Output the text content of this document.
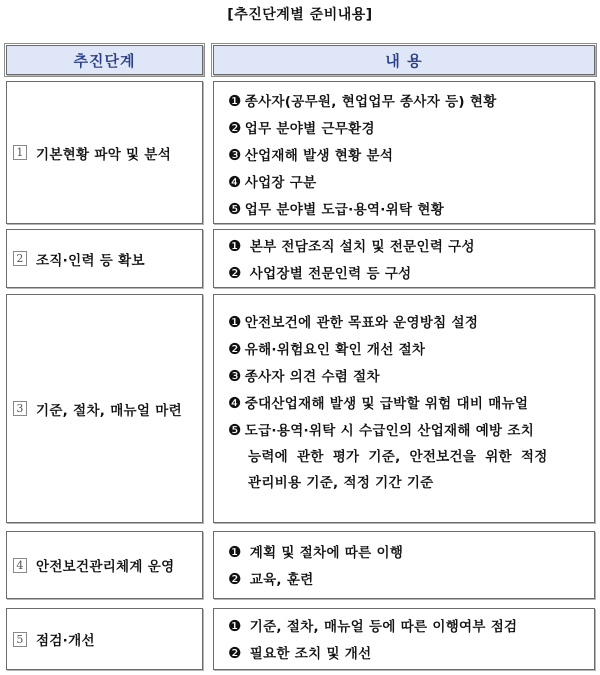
[추진단계별 준비내용]
추진단계	내 용
1 기본현황 파악 및 분석
❶ 종사자(공무원, 현업업무 종사자 등) 현황
❷ 업무 분야별 근무환경
❸ 산업재해 발생 현황 분석
❹ 사업장 구분
❺ 업무 분야별 도급·용역·위탁 현황
2 조직·인력 등 확보
❶ 본부 전담조직 설치 및 전문인력 구성
❷ 사업장별 전문인력 등 구성
3 기준, 절차, 매뉴얼 마련
❶ 안전보건에 관한 목표와 운영방침 설정
❷ 유해·위험요인 확인 개선 절차
❸ 종사자 의견 수렴 절차
❹ 중대산업재해 발생 및 급박할 위험 대비 매뉴얼
❺ 도급·용역·위탁 시 수급인의 산업재해 예방 조치
능력에 관한 평가 기준, 안전보건을 위한 적정
관리비용 기준, 적정 기간 기준
4 안전보건관리체계 운영
❶ 계획 및 절차에 따른 이행
❷ 교육, 훈련
5 점검·개선
❶ 기준, 절차, 매뉴얼 등에 따른 이행여부 점검
❷ 필요한 조치 및 개선
